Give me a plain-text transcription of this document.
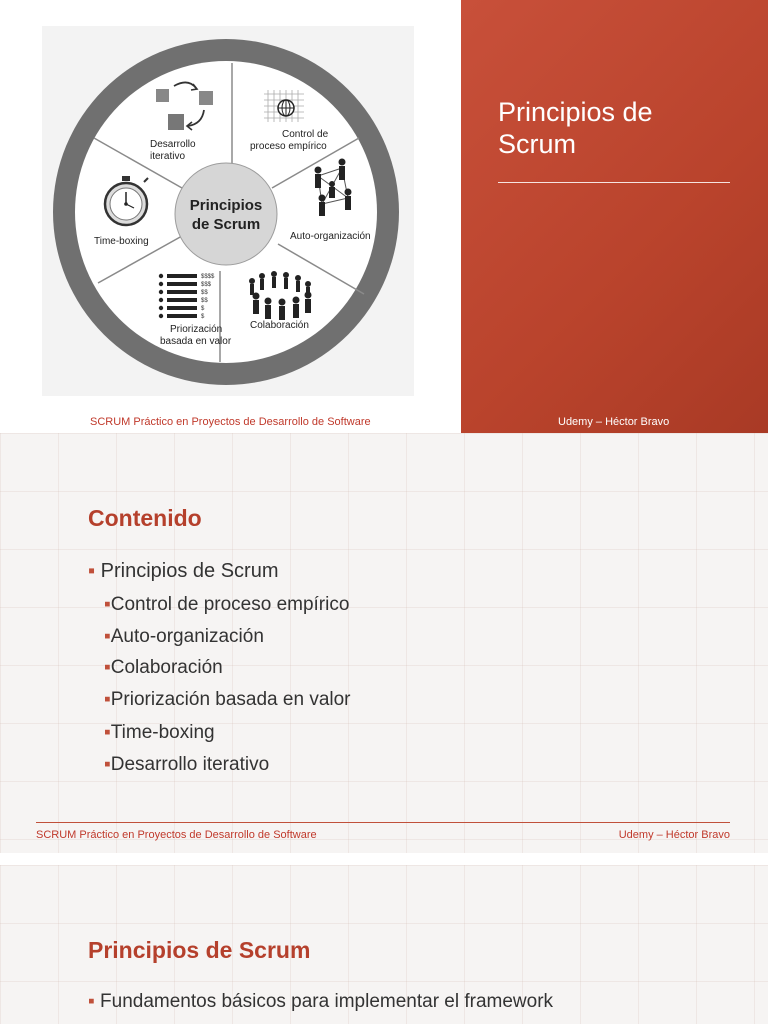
Principios
de Scrum
Desarrollo
iterativo
Control de
proceso empírico
Auto-organización
Colaboración
$$$$
$$$
$$
$$
$
$
Priorización
basada en valor
Time-boxing
Principios de Scrum
SCRUM Práctico en Proyectos de Desarrollo de Software	Udemy – Héctor Bravo
Contenido
▪ Principios de Scrum
▪Control de proceso empírico
▪Auto-organización
▪Colaboración
▪Priorización basada en valor
▪Time-boxing
▪Desarrollo iterativo
SCRUM Práctico en Proyectos de Desarrollo de Software	Udemy – Héctor Bravo
Principios de Scrum
▪ Fundamentos básicos para implementar el framework
